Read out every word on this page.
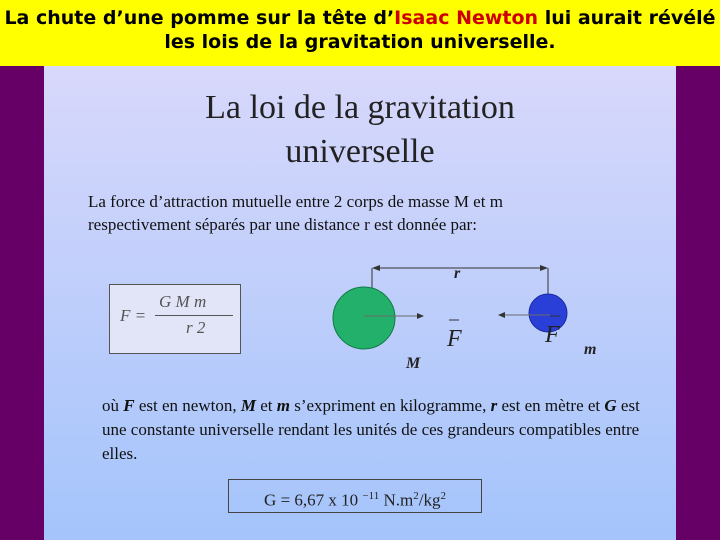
La chute d’une pomme sur la tête d’Isaac Newton lui aurait révélé les lois de la gravitation universelle.
La loi de la gravitation
universelle
La force d’attraction mutuelle entre 2 corps de masse M et m
respectivement séparés par une distance r est donnée par:
F =
G M m
r 2
r
F	F
M
m
où F est en newton, M et m s’expriment en kilogramme, r est en mètre et G est une constante universelle rendant les unités de ces grandeurs compatibles entre elles.
G = 6,67 x 10 $^{-11}$ $N.m^2/kg^2$
